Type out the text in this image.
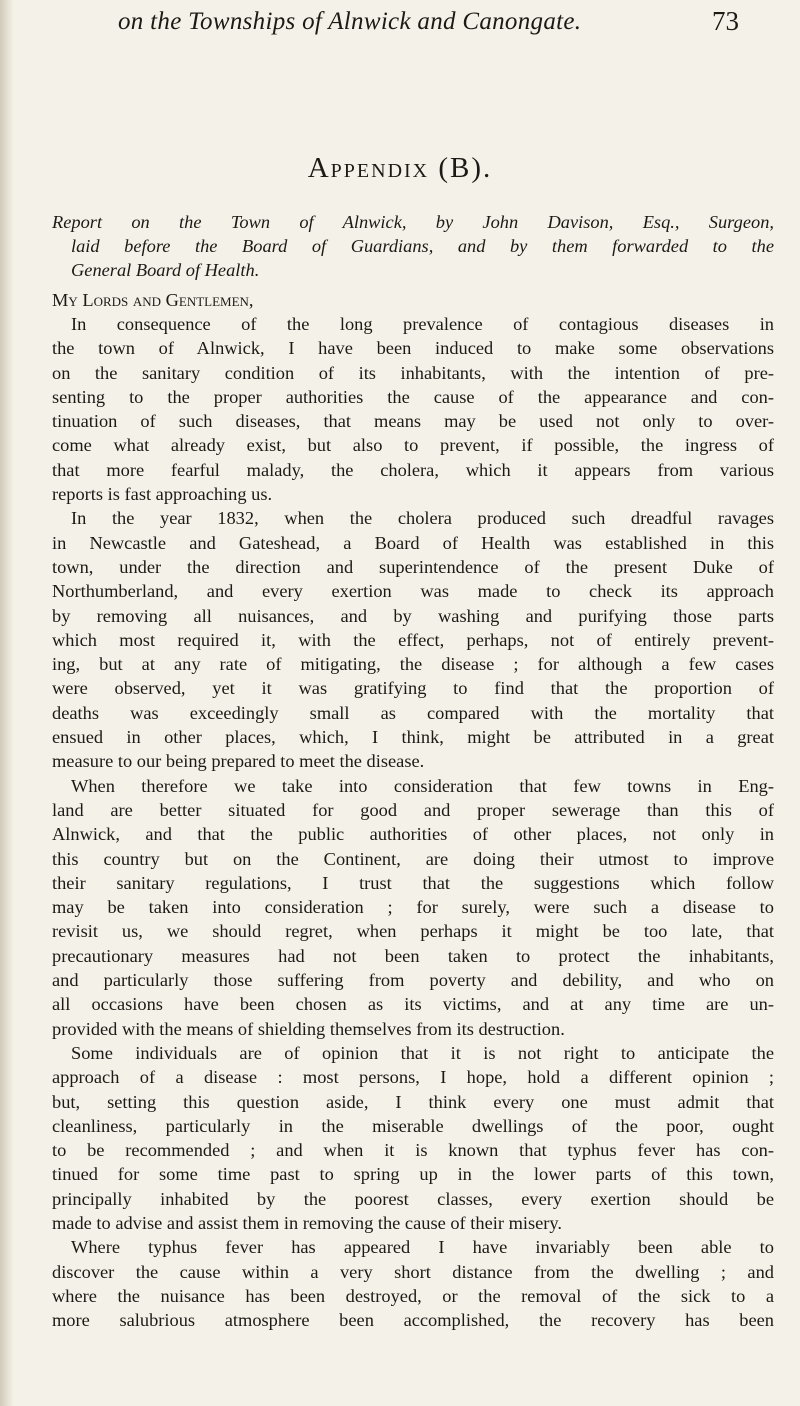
on the Townships of Alnwick and Canongate.	73
Appendix (B).
Report on the Town of Alnwick, by John Davison, Esq., Surgeon,
laid before the Board of Guardians, and by them forwarded to the
General Board of Health.
My Lords and Gentlemen,
In consequence of the long prevalence of contagious diseases in
the town of Alnwick, I have been induced to make some observations
on the sanitary condition of its inhabitants, with the intention of pre-
senting to the proper authorities the cause of the appearance and con-
tinuation of such diseases, that means may be used not only to over-
come what already exist, but also to prevent, if possible, the ingress of
that more fearful malady, the cholera, which it appears from various
reports is fast approaching us.
In the year 1832, when the cholera produced such dreadful ravages
in Newcastle and Gateshead, a Board of Health was established in this
town, under the direction and superintendence of the present Duke of
Northumberland, and every exertion was made to check its approach
by removing all nuisances, and by washing and purifying those parts
which most required it, with the effect, perhaps, not of entirely prevent-
ing, but at any rate of mitigating, the disease ; for although a few cases
were observed, yet it was gratifying to find that the proportion of
deaths was exceedingly small as compared with the mortality that
ensued in other places, which, I think, might be attributed in a great
measure to our being prepared to meet the disease.
When therefore we take into consideration that few towns in Eng-
land are better situated for good and proper sewerage than this of
Alnwick, and that the public authorities of other places, not only in
this country but on the Continent, are doing their utmost to improve
their sanitary regulations, I trust that the suggestions which follow
may be taken into consideration ; for surely, were such a disease to
revisit us, we should regret, when perhaps it might be too late, that
precautionary measures had not been taken to protect the inhabitants,
and particularly those suffering from poverty and debility, and who on
all occasions have been chosen as its victims, and at any time are un-
provided with the means of shielding themselves from its destruction.
Some individuals are of opinion that it is not right to anticipate the
approach of a disease : most persons, I hope, hold a different opinion ;
but, setting this question aside, I think every one must admit that
cleanliness, particularly in the miserable dwellings of the poor, ought
to be recommended ; and when it is known that typhus fever has con-
tinued for some time past to spring up in the lower parts of this town,
principally inhabited by the poorest classes, every exertion should be
made to advise and assist them in removing the cause of their misery.
Where typhus fever has appeared I have invariably been able to
discover the cause within a very short distance from the dwelling ; and
where the nuisance has been destroyed, or the removal of the sick to a
more salubrious atmosphere been accomplished, the recovery has been
